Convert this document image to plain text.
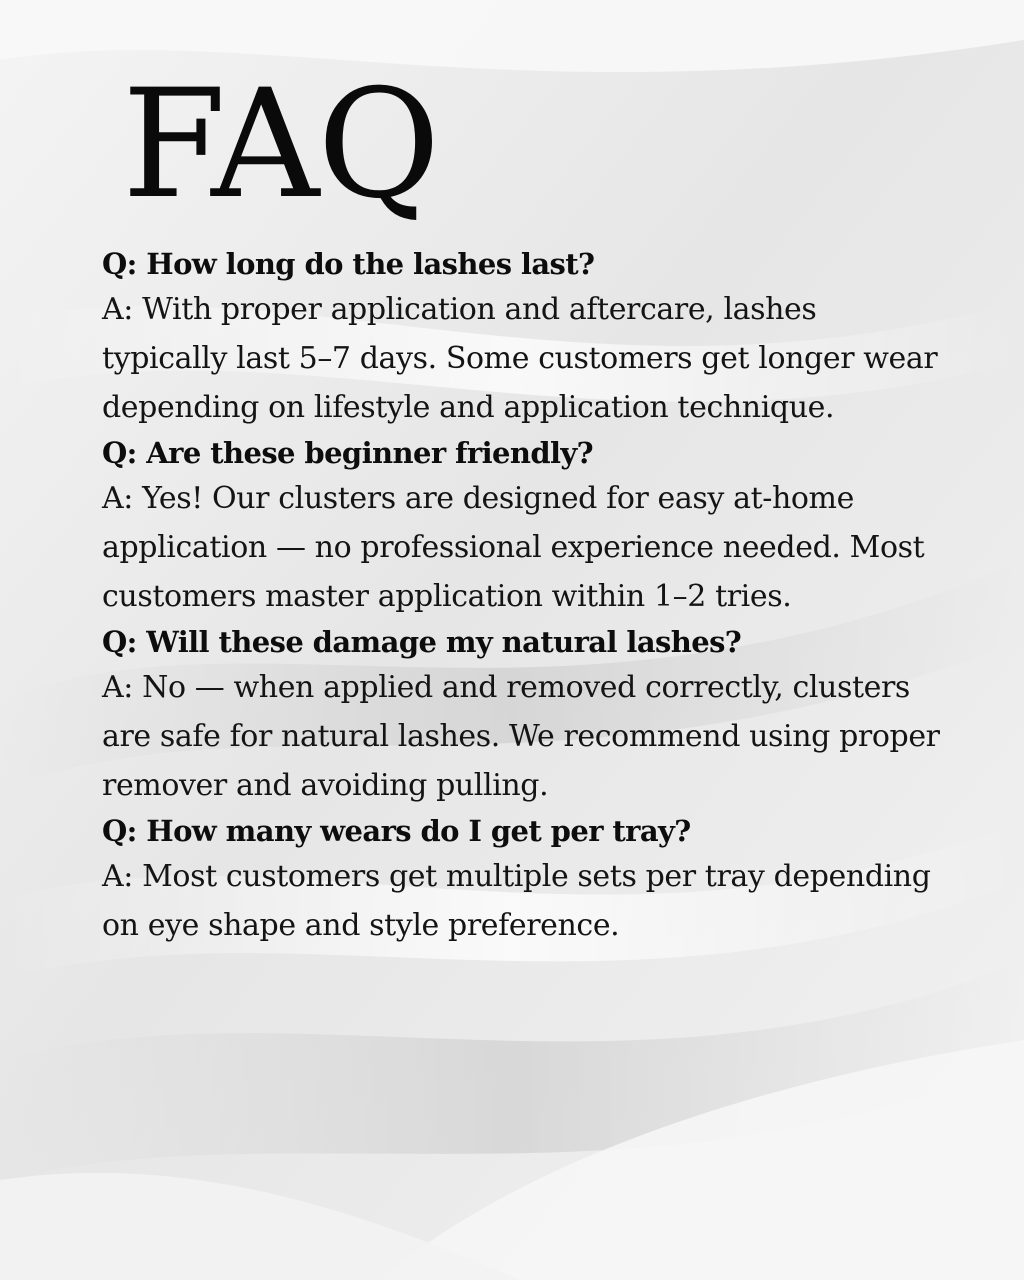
FAQ
Q: How long do the lashes last?
A: With proper application and aftercare, lashes typically last 5–7 days. Some customers get longer wear depending on lifestyle and application technique.
Q: Are these beginner friendly?
A: Yes! Our clusters are designed for easy at-home application — no professional experience needed. Most customers master application within 1–2 tries.
Q: Will these damage my natural lashes?
A: No — when applied and removed correctly, clusters are safe for natural lashes. We recommend using proper remover and avoiding pulling.
Q: How many wears do I get per tray?
A: Most customers get multiple sets per tray depending on eye shape and style preference.
